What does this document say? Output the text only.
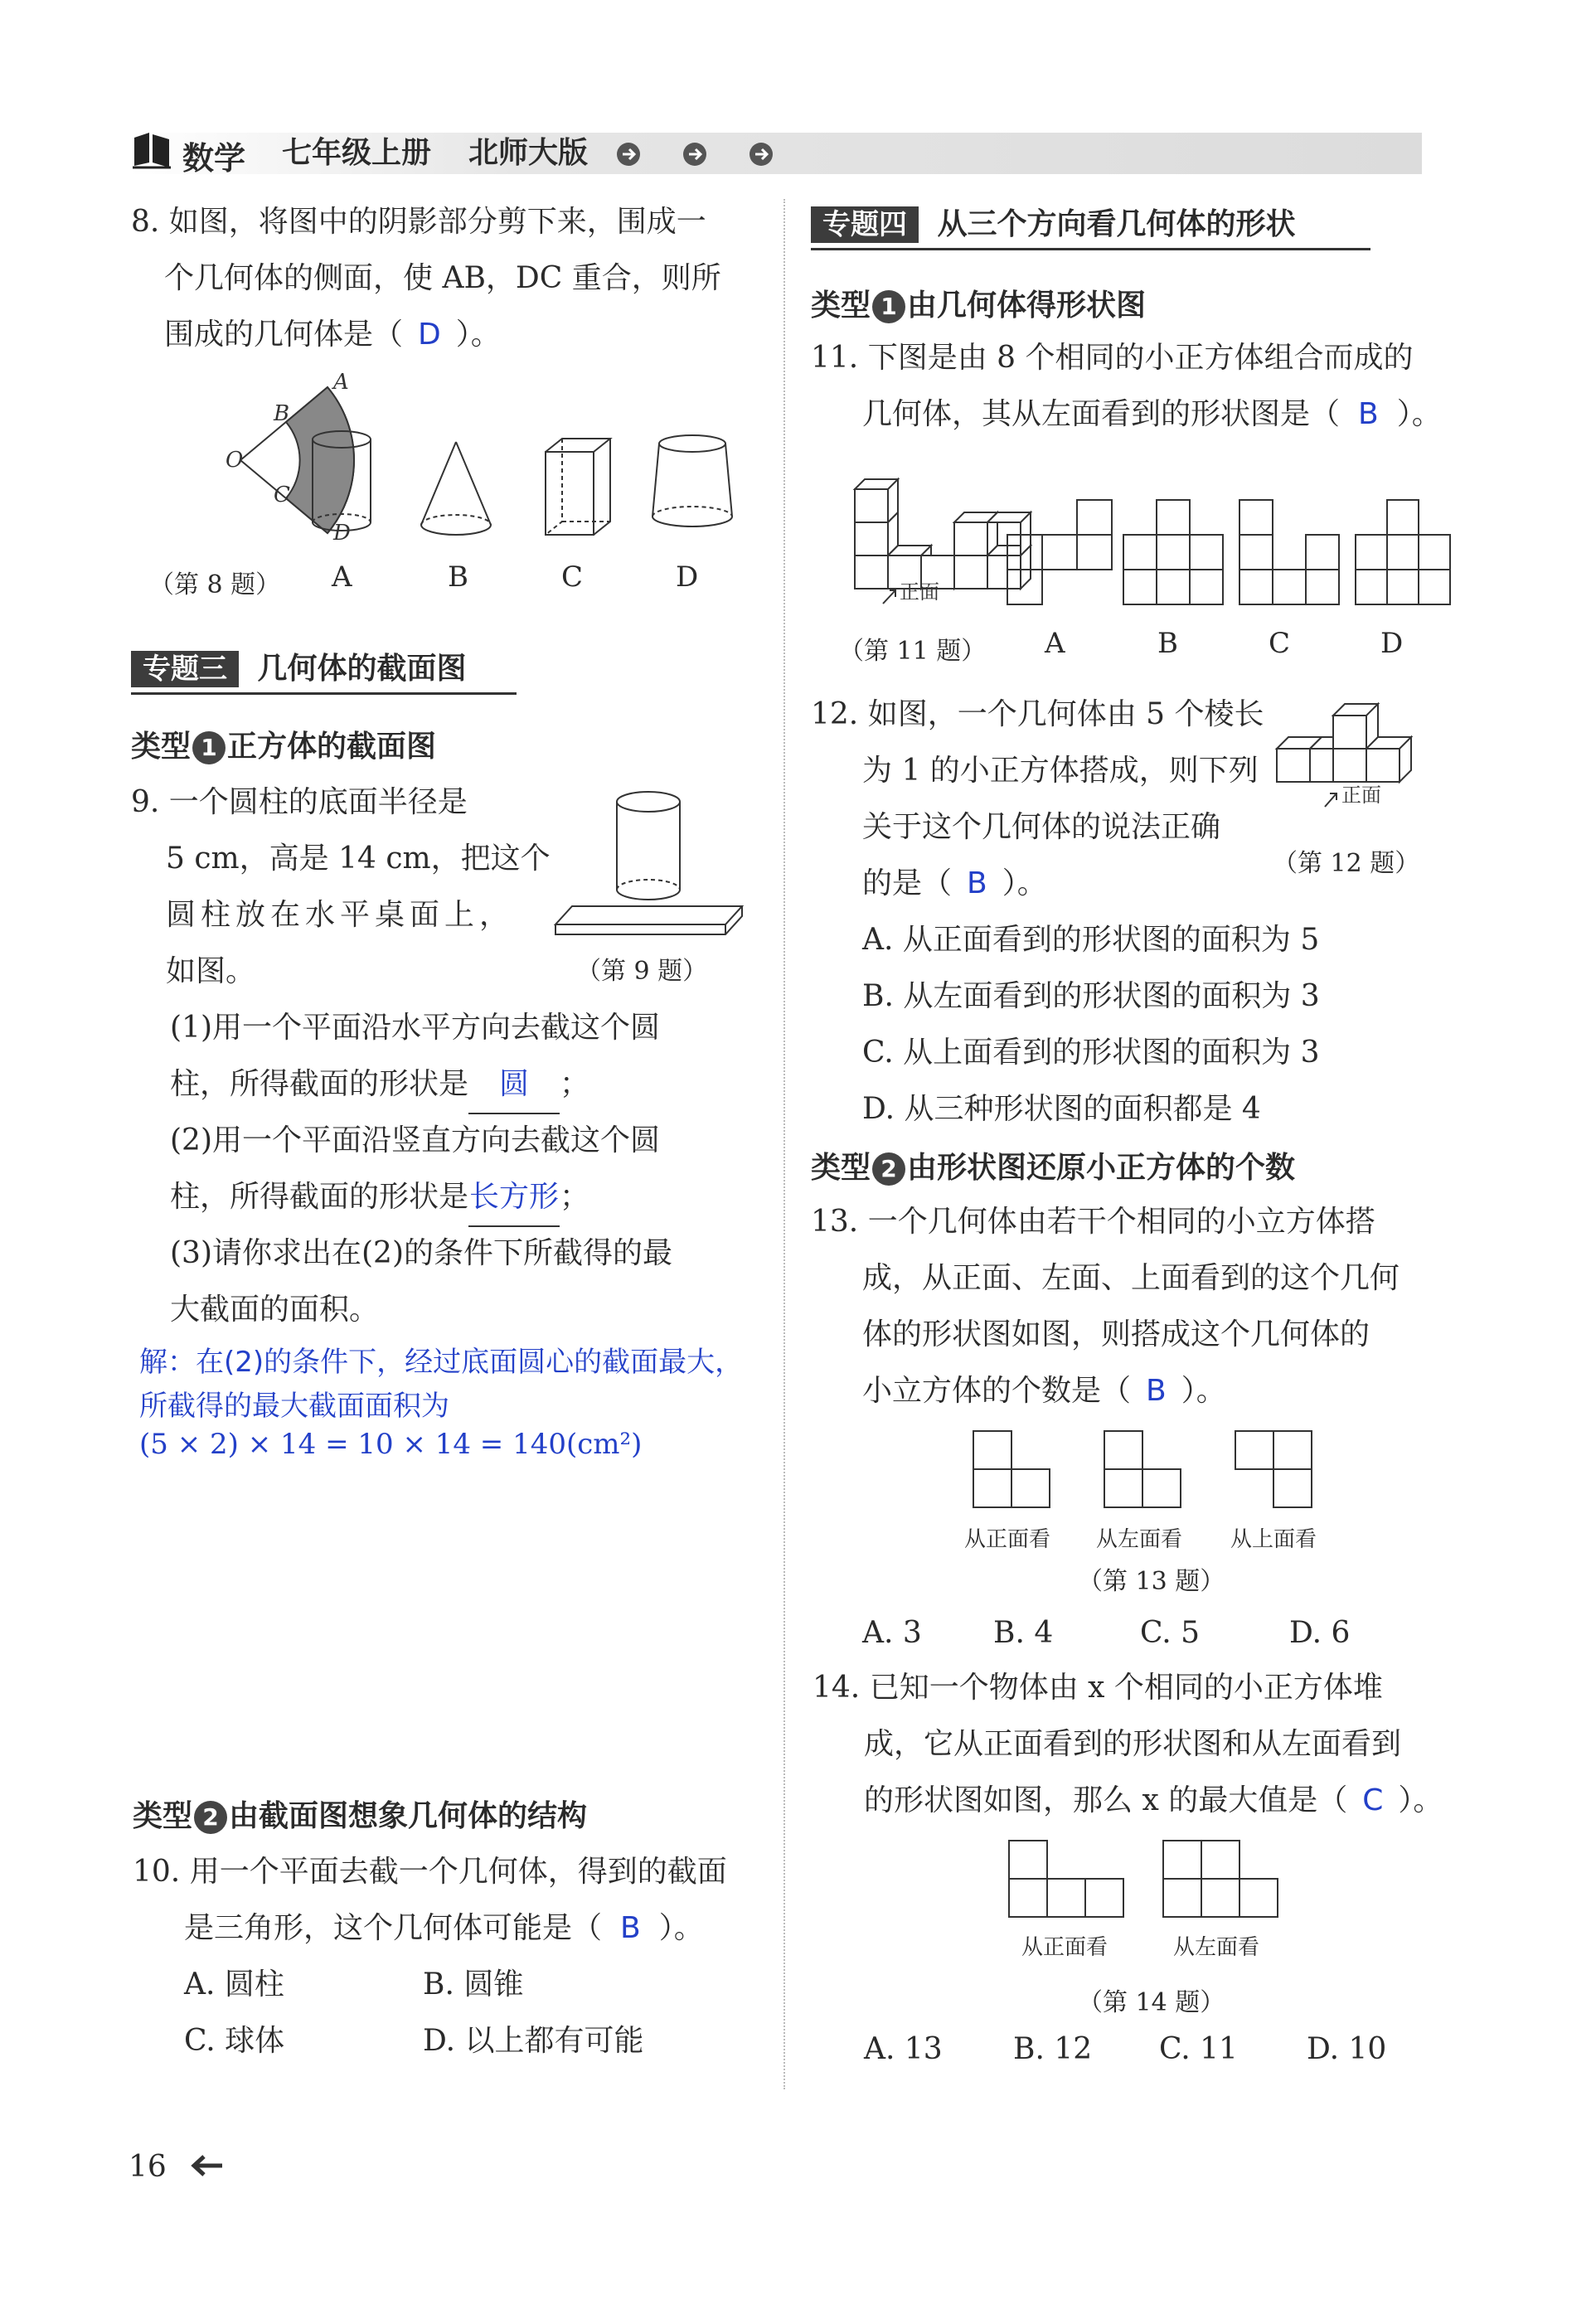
数学 七年级上册 北师大版
8. 如图，将图中的阴影部分剪下来，围成一
个几何体的侧面，使 AB，DC 重合，则所
围成的几何体是（ D ）。
A
B
O
C
D
（第 8 题） A	B	C	D
专题三 几何体的截面图
类型 1 正方体的截面图
9. 一个圆柱的底面半径是
5 cm，高是 14 cm，把这个
圆柱放在水平桌面上，
如图。	（第 9 题）
(1)用一个平面沿水平方向去截这个圆
柱，所得截面的形状是 圆 ；
(2)用一个平面沿竖直方向去截这个圆
柱，所得截面的形状是长方形；
(3)请你求出在(2)的条件下所截得的最
大截面的面积。
解：在(2)的条件下，经过底面圆心的截面最大，
所截得的最大截面面积为
(5 × 2) × 14 = 10 × 14 = 140(cm²)
类型 2 由截面图想象几何体的结构
10. 用一个平面去截一个几何体，得到的截面
是三角形，这个几何体可能是（ B ）。
A. 圆柱	B. 圆锥
C. 球体	D. 以上都有可能
16
专题四 从三个方向看几何体的形状
类型 1 由几何体得形状图
11. 下图是由 8 个相同的小正方体组合而成的
几何体，其从左面看到的形状图是（ B ）。
正面
（第 11 题） A	B	C	D
12. 如图，一个几何体由 5 个棱长
为 1 的小正方体搭成，则下列
关于这个几何体的说法正确
的是（ B ）。
正面
（第 12 题）
A. 从正面看到的形状图的面积为 5
B. 从左面看到的形状图的面积为 3
C. 从上面看到的形状图的面积为 3
D. 从三种形状图的面积都是 4
类型 2 由形状图还原小正方体的个数
13. 一个几何体由若干个相同的小立方体搭
成，从正面、左面、上面看到的这个几何
体的形状图如图，则搭成这个几何体的
小立方体的个数是（ B ）。
从正面看 从左面看 从上面看
（第 13 题）
A. 3 B. 4	C. 5	D. 6
14. 已知一个物体由 x 个相同的小正方体堆
成，它从正面看到的形状图和从左面看到
的形状图如图，那么 x 的最大值是（ C ）。
从正面看	从左面看
（第 14 题）
A. 13 B. 12 C. 11 D. 10
